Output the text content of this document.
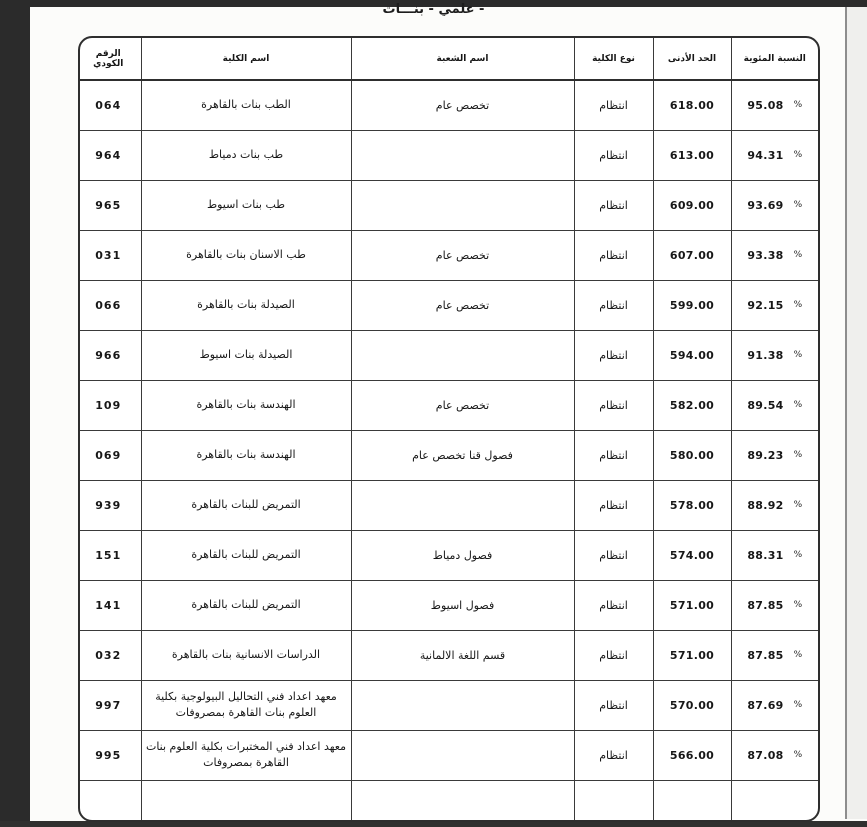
- علمي - بنـــات
النسبة المئوية	الحد الأدنى	نوع الكلية	اسم الشعبة	اسم الكلية	الرقم الكودي

%
95.08	618.00	انتظام	تخصص عام	الطب بنات بالقاهرة	064

%
94.31	613.00	انتظام		طب بنات دمياط	964

%
93.69	609.00	انتظام		طب بنات اسيوط	965

%
93.38	607.00	انتظام	تخصص عام	طب الاسنان بنات بالقاهرة	031

%
92.15	599.00	انتظام	تخصص عام	الصيدلة بنات بالقاهرة	066

%
91.38	594.00	انتظام		الصيدلة بنات اسيوط	966

%
89.54	582.00	انتظام	تخصص عام	الهندسة بنات بالقاهرة	109

%
89.23	580.00	انتظام	فصول قنا تخصص عام	الهندسة بنات بالقاهرة	069

%
88.92	578.00	انتظام		التمريض للبنات بالقاهرة	939

%
88.31	574.00	انتظام	فصول دمياط	التمريض للبنات بالقاهرة	151

%
87.85	571.00	انتظام	فصول اسيوط	التمريض للبنات بالقاهرة	141

%
87.85	571.00	انتظام	قسم اللغة الالمانية	الدراسات الانسانية بنات بالقاهرة	032

%
87.69	570.00	انتظام		معهد اعداد فني التحاليل البيولوجية بكلية العلوم بنات القاهرة بمصروفات	997

%
87.08	566.00	انتظام		معهد اعداد فني المختبرات بكلية العلوم بنات القاهرة بمصروفات	995
